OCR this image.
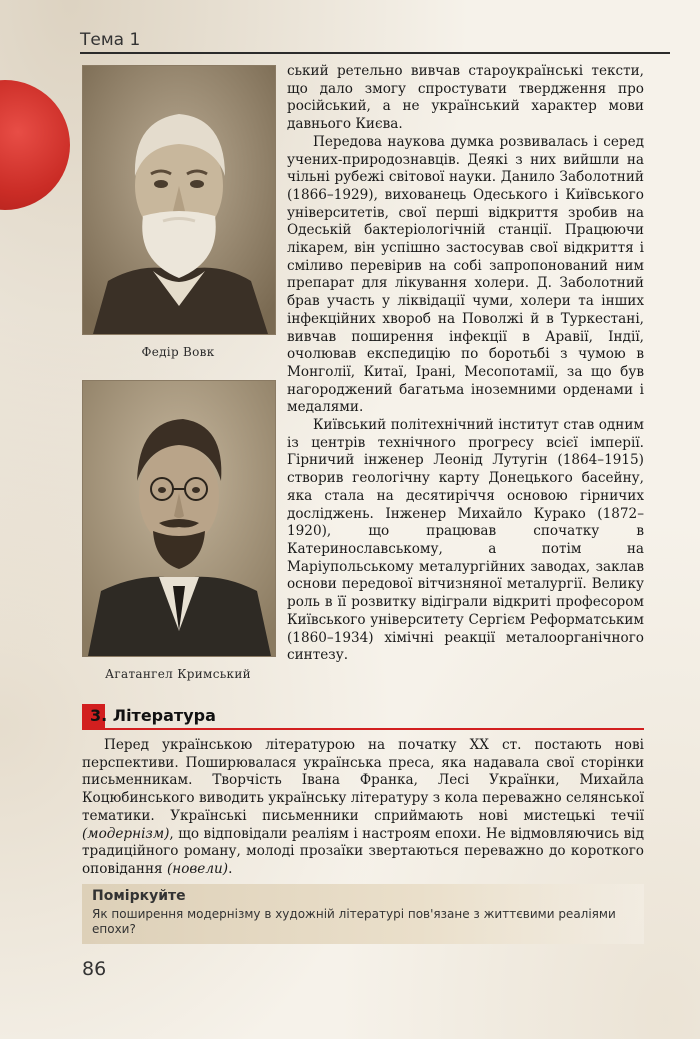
Тема 1
Федір Вовк
Агатангел Кримський

ський ретельно вивчав староукраїнські тексти, що дало змогу спростувати твердження про російський, а не український характер мови давнього Києва.

Передова наукова думка розвивалась і серед учених-природознавців. Деякі з них вийшли на чільні рубежі світової науки. Данило Заболотний (1866–1929), вихованець Одеського і Київського університетів, свої перші відкриття зробив на Одеській бактеріологічній станції. Працюючи лікарем, він успішно застосував свої відкриття і сміливо перевірив на собі запропонований ним препарат для лікування холери. Д. Заболотний брав участь у ліквідації чуми, холери та інших інфекційних хвороб на Поволжі й в Туркестані, вивчав поширення інфекції в Аравії, Індії, очолював експедицію по боротьбі з чумою в Монголії, Китаї, Ірані, Месопотамії, за що був нагороджений багатьма іноземними орденами і медалями.

Київський політехнічний інститут став одним із центрів технічного прогресу всієї імперії. Гірничий інженер Леонід Лутугін (1864–1915) створив геологічну карту Донецького басейну, яка стала на десятиріччя основою гірничих досліджень. Інженер Михайло Курако (1872–1920), що працював спочатку в Катеринославському, а потім на Маріупольському металургійних заводах, заклав основи передової вітчизняної металургії. Велику роль в її розвитку відіграли відкриті професором Київського університету Сергієм Реформатським (1860–1934) хімічні реакції металоорганічного синтезу.

3. Література

Перед українською літературою на початку XX ст. постають нові перспективи. Поширювалася українська преса, яка надавала свої сторінки письменникам. Творчість Івана Франка, Лесі Українки, Михайла Коцюбинського виводить українську літературу з кола переважно селянської тематики. Українські письменники сприймають нові мистецькі течії (модернізм), що відповідали реаліям і настроям епохи. Не відмовляючись від традиційного роману, молоді прозаїки звертаються переважно до короткого оповідання (новели).

Поміркуйте
Як поширення модернізму в художній літературі пов'язане з життєвими реаліями епохи?
86
